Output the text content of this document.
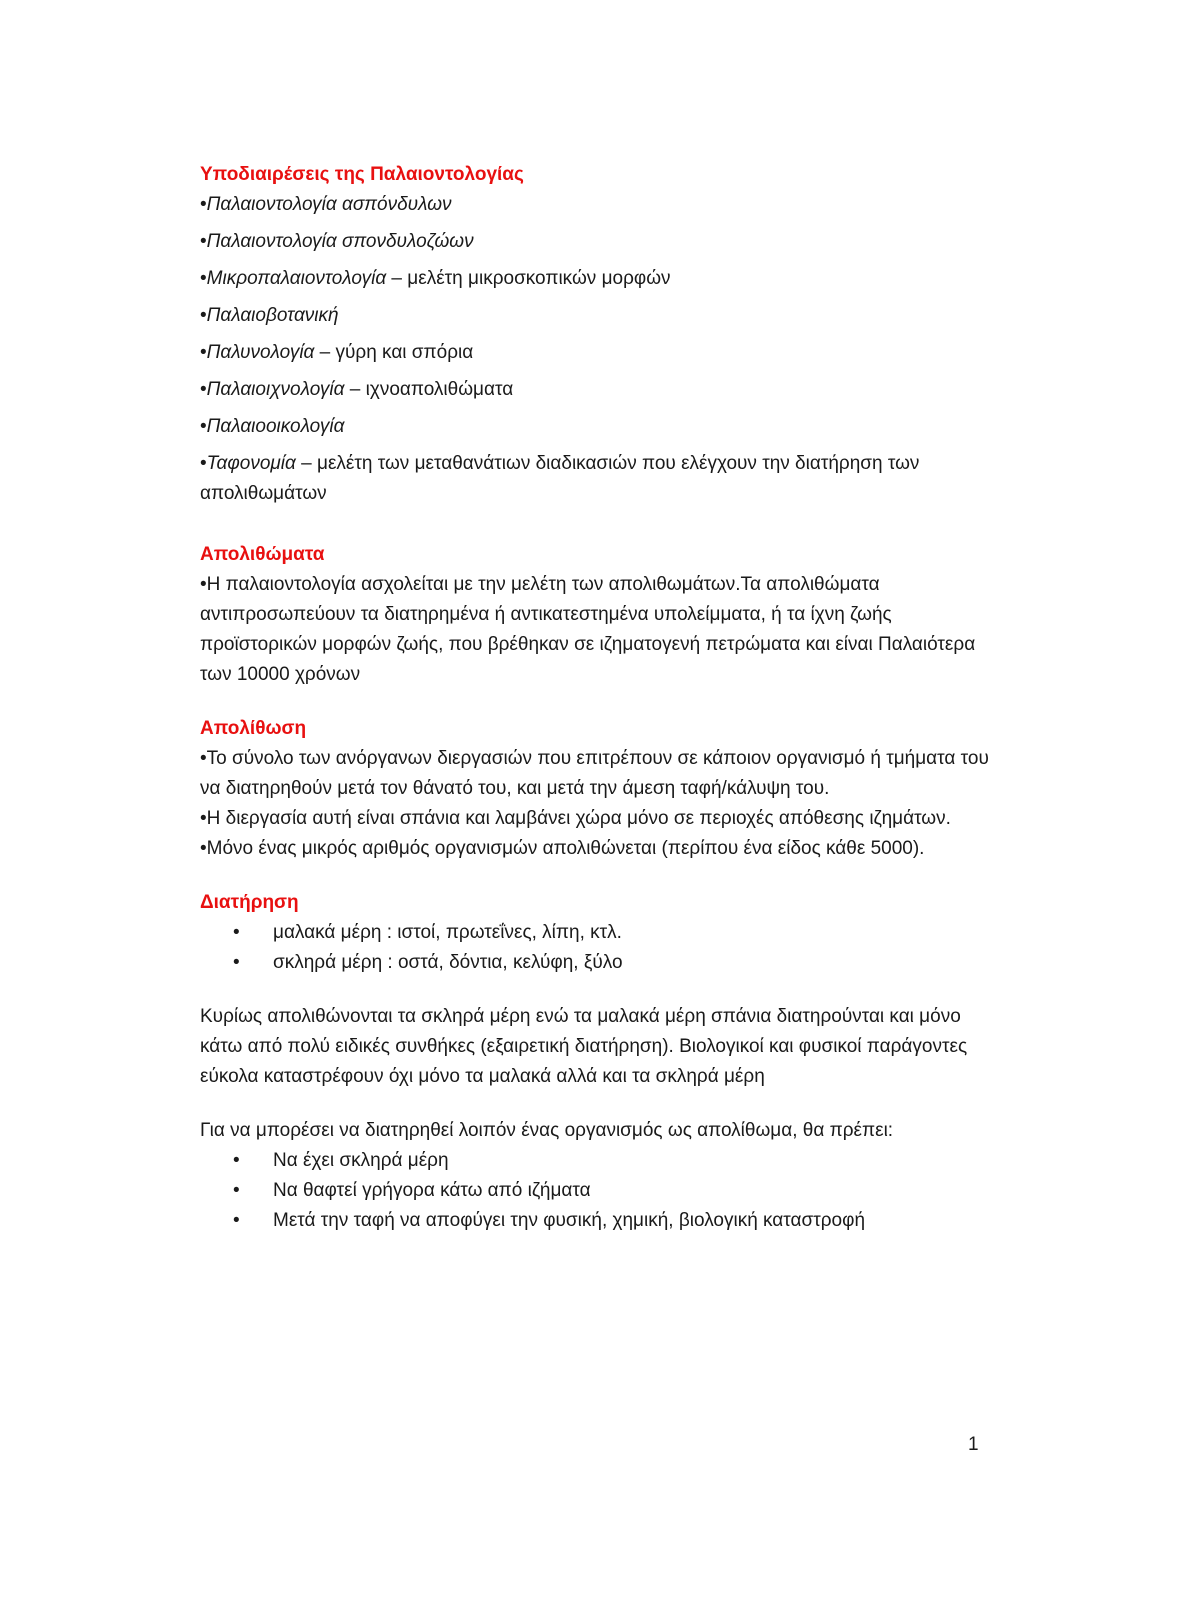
Υποδιαιρέσεις της Παλαιοντολογίας
•Παλαιοντολογία ασπόνδυλων
•Παλαιοντολογία σπονδυλοζώων
•Μικροπαλαιοντολογία – μελέτη μικροσκοπικών μορφών
•Παλαιοβοτανική
•Παλυνολογία – γύρη και σπόρια
•Παλαιοιχνολογία – ιχνοαπολιθώματα
•Παλαιοοικολογία
•Ταφονομία – μελέτη των μεταθανάτιων διαδικασιών που ελέγχουν την διατήρηση των απολιθωμάτων
Απολιθώματα

•Η παλαιοντολογία ασχολείται με την μελέτη των απολιθωμάτων.Τα απολιθώματα αντιπροσωπεύουν τα διατηρημένα ή αντικατεστημένα υπολείμματα, ή τα ίχνη ζωής προϊστορικών μορφών ζωής, που βρέθηκαν σε ιζηματογενή πετρώματα και είναι Παλαιότερα των 10000 χρόνων

Απολίθωση

•Το σύνολο των ανόργανων διεργασιών που επιτρέπουν σε κάποιον οργανισμό ή τμήματα του να διατηρηθούν μετά τον θάνατό του, και μετά την άμεση ταφή/κάλυψη του.

•Η διεργασία αυτή είναι σπάνια και λαμβάνει χώρα μόνο σε περιοχές απόθεσης ιζημάτων.

•Μόνο ένας μικρός αριθμός οργανισμών απολιθώνεται (περίπου ένα είδος κάθε 5000).

Διατήρηση
• μαλακά μέρη : ιστοί, πρωτεΐνες, λίπη, κτλ.
• σκληρά μέρη : οστά, δόντια, κελύφη, ξύλο

Κυρίως απολιθώνονται τα σκληρά μέρη ενώ τα μαλακά μέρη σπάνια διατηρούνται και μόνο κάτω από πολύ ειδικές συνθήκες (εξαιρετική διατήρηση). Βιολογικοί και φυσικοί παράγοντες εύκολα καταστρέφουν όχι μόνο τα μαλακά αλλά και τα σκληρά μέρη

Για να μπορέσει να διατηρηθεί λοιπόν ένας οργανισμός ως απολίθωμα, θα πρέπει:

• Να έχει σκληρά μέρη
• Να θαφτεί γρήγορα κάτω από ιζήματα
• Μετά την ταφή να αποφύγει την φυσική, χημική, βιολογική καταστροφή
1
